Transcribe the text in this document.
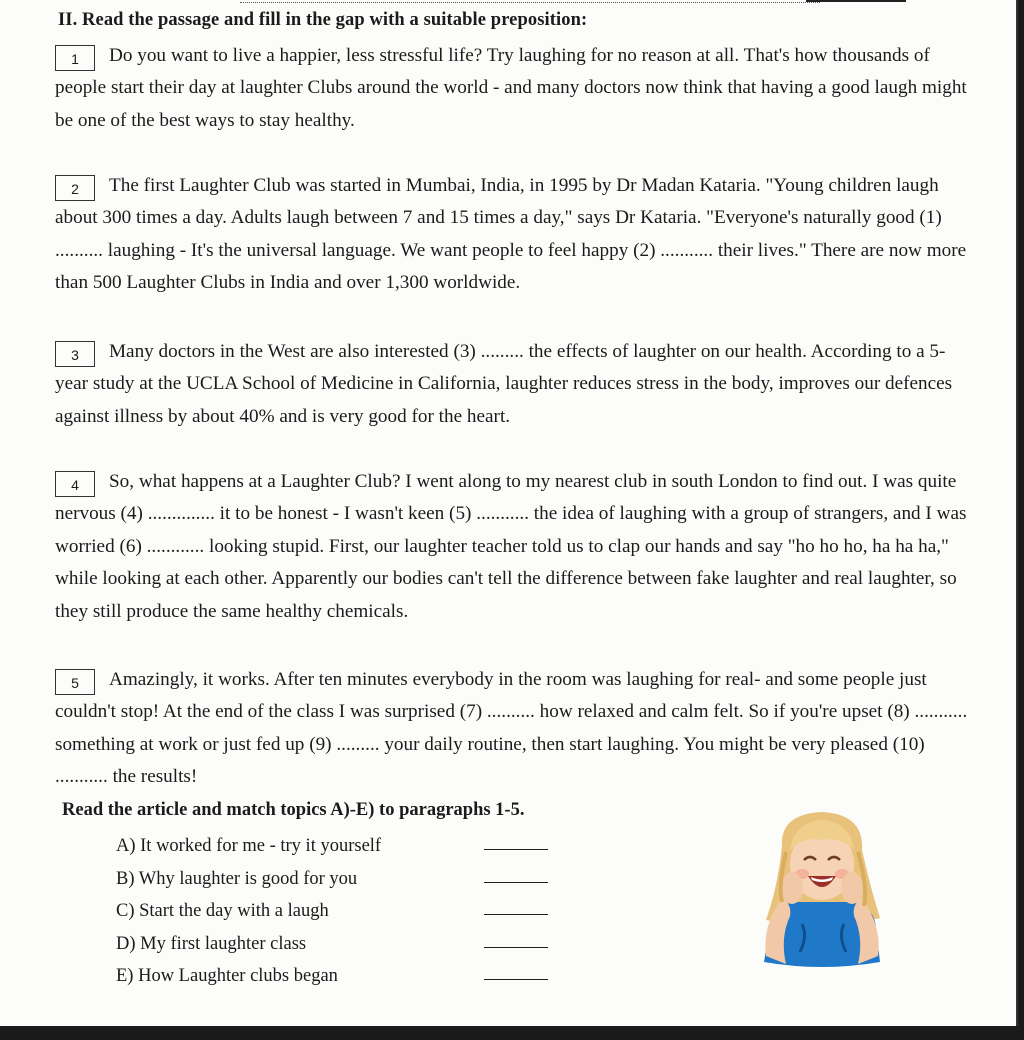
II. Read the passage and fill in the gap with a suitable preposition:
1 Do you want to live a happier, less stressful life? Try laughing for no reason at all. That's how thousands of people start their day at laughter Clubs around the world - and many doctors now think that having a good laugh might be one of the best ways to stay healthy.
2 The first Laughter Club was started in Mumbai, India, in 1995 by Dr Madan Kataria. "Young children laugh about 300 times a day. Adults laugh between 7 and 15 times a day," says Dr Kataria. "Everyone's naturally good (1) .......... laughing - It's the universal language. We want people to feel happy (2) ........... their lives." There are now more than 500 Laughter Clubs in India and over 1,300 worldwide.
3 Many doctors in the West are also interested (3) ......... the effects of laughter on our health. According to a 5-year study at the UCLA School of Medicine in California, laughter reduces stress in the body, improves our defences against illness by about 40% and is very good for the heart.
4 So, what happens at a Laughter Club? I went along to my nearest club in south London to find out. I was quite nervous (4) .............. it to be honest - I wasn't keen (5) ........... the idea of laughing with a group of strangers, and I was worried (6) ............ looking stupid. First, our laughter teacher told us to clap our hands and say "ho ho ho, ha ha ha," while looking at each other. Apparently our bodies can't tell the difference between fake laughter and real laughter, so they still produce the same healthy chemicals.
5 Amazingly, it works. After ten minutes everybody in the room was laughing for real- and some people just couldn't stop! At the end of the class I was surprised (7) .......... how relaxed and calm felt. So if you're upset (8) ........... something at work or just fed up (9) ......... your daily routine, then start laughing. You might be very pleased (10) ........... the results!
Read the article and match topics A)-E) to paragraphs 1-5.
A) It worked for me - try it yourself
B) Why laughter is good for you
C) Start the day with a laugh
D) My first laughter class
E) How Laughter clubs began
